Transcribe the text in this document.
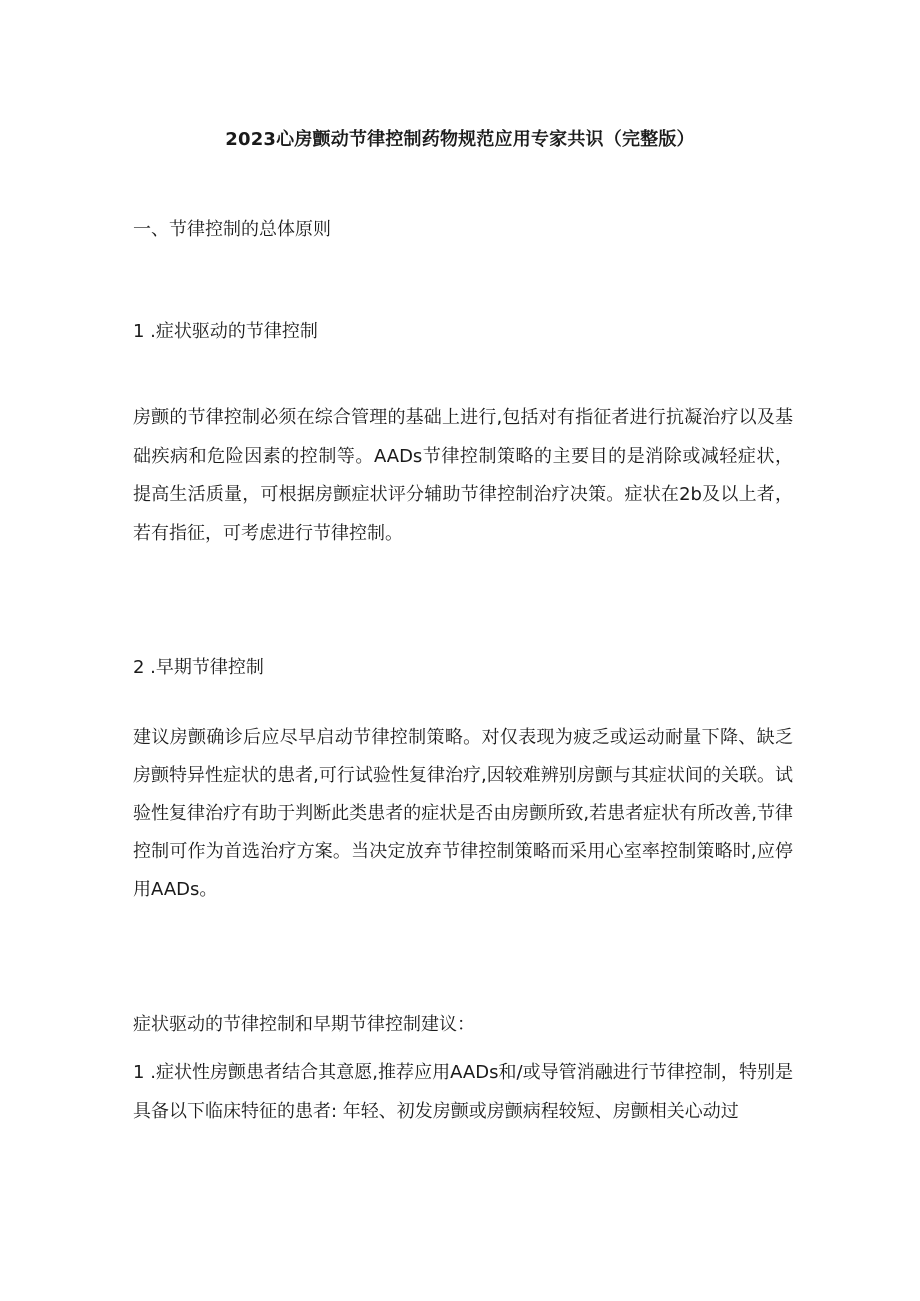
2023心房颤动节律控制药物规范应用专家共识（完整版）
一、节律控制的总体原则
1 .症状驱动的节律控制
房颤的节律控制必须在综合管理的基础上进行,包括对有指征者进行抗凝治疗以及基础疾病和危险因素的控制等。AADs节律控制策略的主要目的是消除或减轻症状，提高生活质量，可根据房颤症状评分辅助节律控制治疗决策。症状在2b及以上者，若有指征，可考虑进行节律控制。
2 .早期节律控制
建议房颤确诊后应尽早启动节律控制策略。对仅表现为疲乏或运动耐量下降、缺乏房颤特异性症状的患者,可行试验性复律治疗,因较难辨别房颤与其症状间的关联。试验性复律治疗有助于判断此类患者的症状是否由房颤所致,若患者症状有所改善,节律控制可作为首选治疗方案。当决定放弃节律控制策略而采用心室率控制策略时,应停用AADs。
症状驱动的节律控制和早期节律控制建议：
1 .症状性房颤患者结合其意愿,推荐应用AADs和/或导管消融进行节律控制，特别是具备以下临床特征的患者: 年轻、初发房颤或房颤病程较短、房颤相关心动过
